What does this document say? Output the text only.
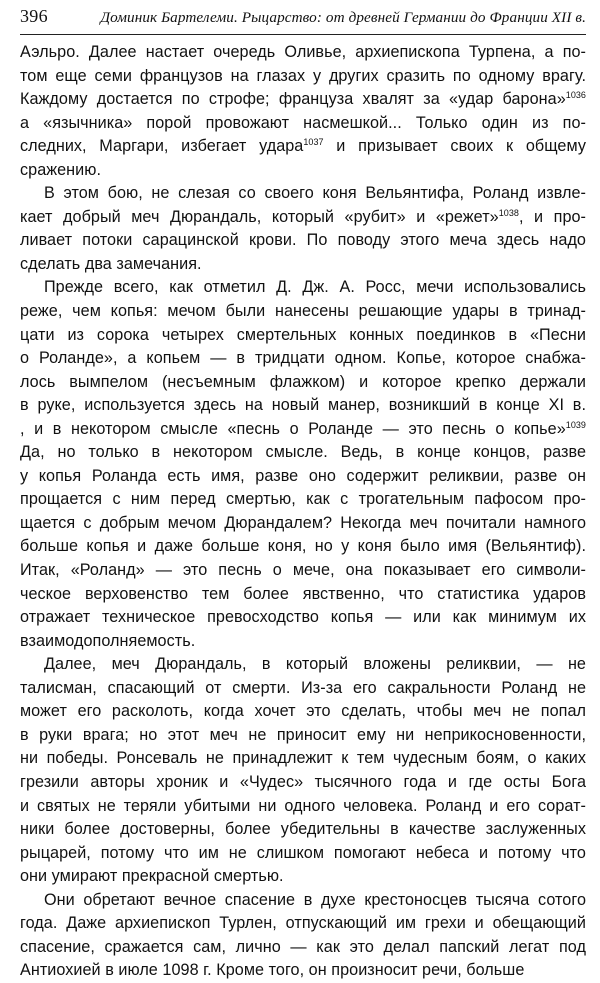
396	Доминик Бартелеми. Рыцарство: от древней Германии до Франции XII в.
Аэльро. Далее настает очередь Оливье, архиепископа Турпена, а по-
том еще семи французов на глазах у других сразить по одному врагу.
Каждому достается по строфе; француза хвалят за «удар барона»$^{1036}$
а «язычника» порой провожают насмешкой... Только один из по-
следних, Маргари, избегает удара$^{1037}$ и призывает своих к общему
сражению.
В этом бою, не слезая со своего коня Вельянтифа, Роланд извле-
кает добрый меч Дюрандаль, который «рубит» и «режет»$^{1038}$, и про-
ливает потоки сарацинской крови. По поводу этого меча здесь надо
сделать два замечания.
Прежде всего, как отметил Д. Дж. А. Росс, мечи использовались
реже, чем копья: мечом были нанесены решающие удары в тринад-
цати из сорока четырех смертельных конных поединков в «Песни
о Роланде», а копьем — в тридцати одном. Копье, которое снабжа-
лось вымпелом (несъемным флажком) и которое крепко держали
в руке, используется здесь на новый манер, возникший в конце XI в.
, и в некотором смысле «песнь о Роланде — это песнь о копье»$^{1039}$
Да, но только в некотором смысле. Ведь, в конце концов, разве
у копья Роланда есть имя, разве оно содержит реликвии, разве он
прощается с ним перед смертью, как с трогательным пафосом про-
щается с добрым мечом Дюрандалем? Некогда меч почитали намного
больше копья и даже больше коня, но у коня было имя (Вельянтиф).
Итак, «Роланд» — это песнь о мече, она показывает его символи-
ческое верховенство тем более явственно, что статистика ударов
отражает техническое превосходство копья — или как минимум их
взаимодополняемость.
Далее, меч Дюрандаль, в который вложены реликвии, — не
талисман, спасающий от смерти. Из-за его сакральности Роланд не
может его расколоть, когда хочет это сделать, чтобы меч не попал
в руки врага; но этот меч не приносит ему ни неприкосновенности,
ни победы. Ронсеваль не принадлежит к тем чудесным боям, о каких
грезили авторы хроник и «Чудес» тысячного года и где осты Бога
и святых не теряли убитыми ни одного человека. Роланд и его сорат-
ники более достоверны, более убедительны в качестве заслуженных
рыцарей, потому что им не слишком помогают небеса и потому что
они умирают прекрасной смертью.
Они обретают вечное спасение в духе крестоносцев тысяча сотого
года. Даже архиепископ Турлен, отпускающий им грехи и обещающий
спасение, сражается сам, лично — как это делал папский легат под
Антиохией в июле 1098 г. Кроме того, он произносит речи, больше
